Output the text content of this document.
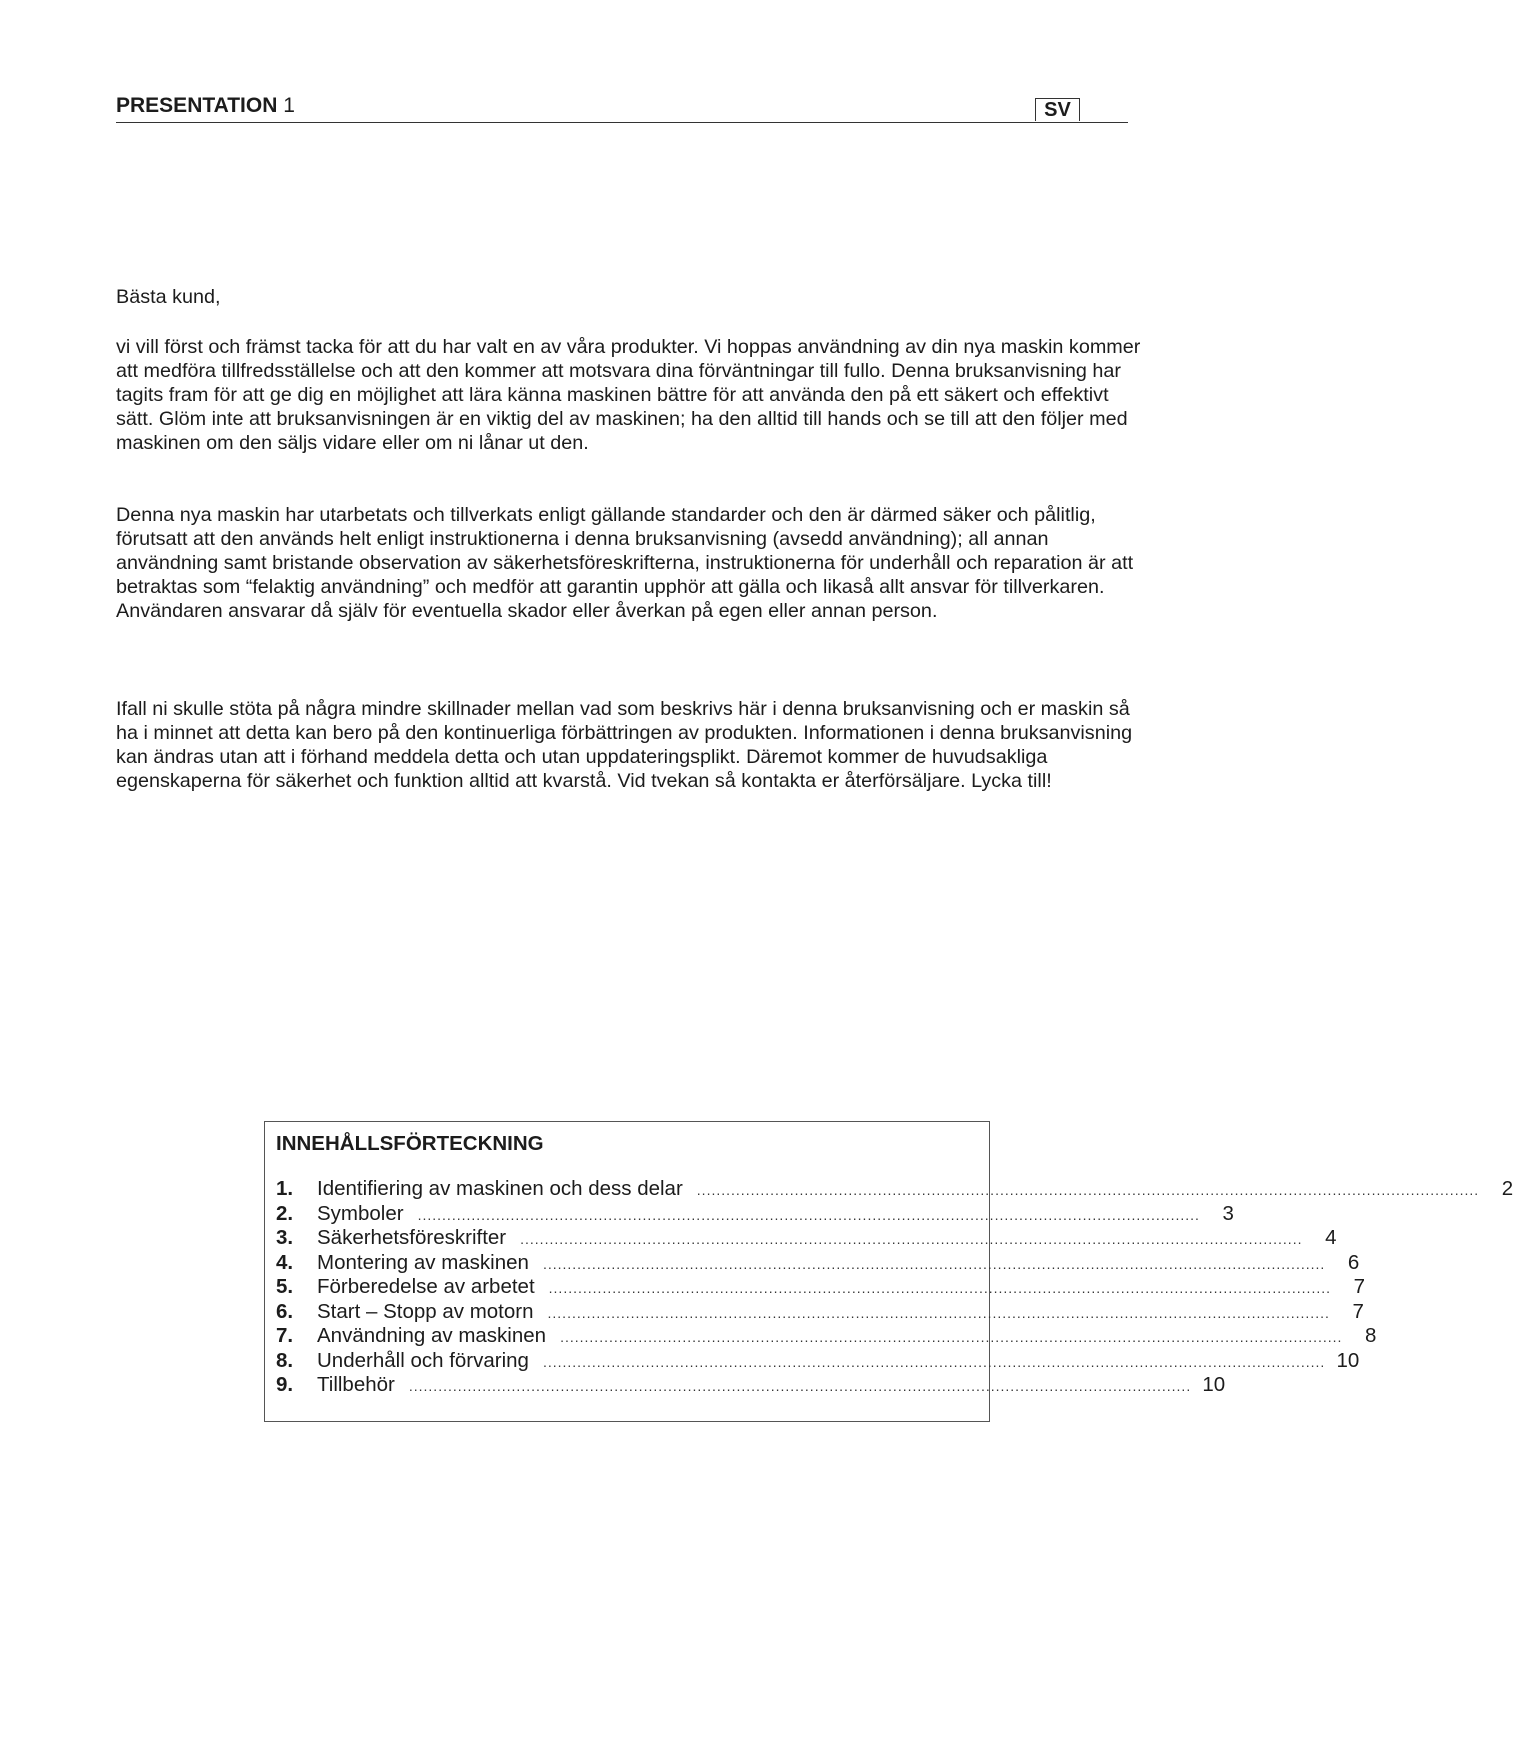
PRESENTATION 1	SV

Bästa kund,

vi vill först och främst tacka för att du har valt en av våra produkter. Vi hoppas användning av din nya maskin kommer att medföra tillfredsställelse och att den kommer att motsvara dina förväntningar till fullo. Denna bruksanvisning har tagits fram för att ge dig en möjlighet att lära känna maskinen bättre för att använda den på ett säkert och effektivt sätt. Glöm inte att bruksanvisningen är en viktig del av maskinen; ha den alltid till hands och se till att den följer med maskinen om den säljs vidare eller om ni lånar ut den.

Denna nya maskin har utarbetats och tillverkats enligt gällande standarder och den är därmed säker och pålitlig, förutsatt att den används helt enligt instruktionerna i denna bruksanvisning (avsedd användning); all annan användning samt bristande observation av säkerhetsföreskrifterna, instruktionerna för underhåll och reparation är att betraktas som “felaktig användning” och medför att garantin upphör att gälla och likaså allt ansvar för tillverkaren. Användaren ansvarar då själv för eventuella skador eller åverkan på egen eller annan person.

Ifall ni skulle stöta på några mindre skillnader mellan vad som beskrivs här i denna bruksanvisning och er maskin så ha i minnet att detta kan bero på den kontinuerliga förbättringen av produkten. Informationen i denna bruksanvisning kan ändras utan att i förhand meddela detta och utan uppdateringsplikt. Däremot kommer de huvudsakliga egenskaperna för säkerhet och funktion alltid att kvarstå. Vid tvekan så kontakta er återförsäljare. Lycka till!

INNEHÅLLSFÖRTECKNING
1.	Identifiering av maskinen och dess delar ................................................................................................................................................................	2
2.	Symboler ................................................................................................................................................................	3
3.	Säkerhetsföreskrifter ................................................................................................................................................................	4
4.	Montering av maskinen ................................................................................................................................................................	6
5.	Förberedelse av arbetet ................................................................................................................................................................	7
6.	Start – Stopp av motorn ................................................................................................................................................................	7
7.	Användning av maskinen ................................................................................................................................................................	8
8.	Underhåll och förvaring ................................................................................................................................................................ 10
9.	Tillbehör ................................................................................................................................................................ 10
